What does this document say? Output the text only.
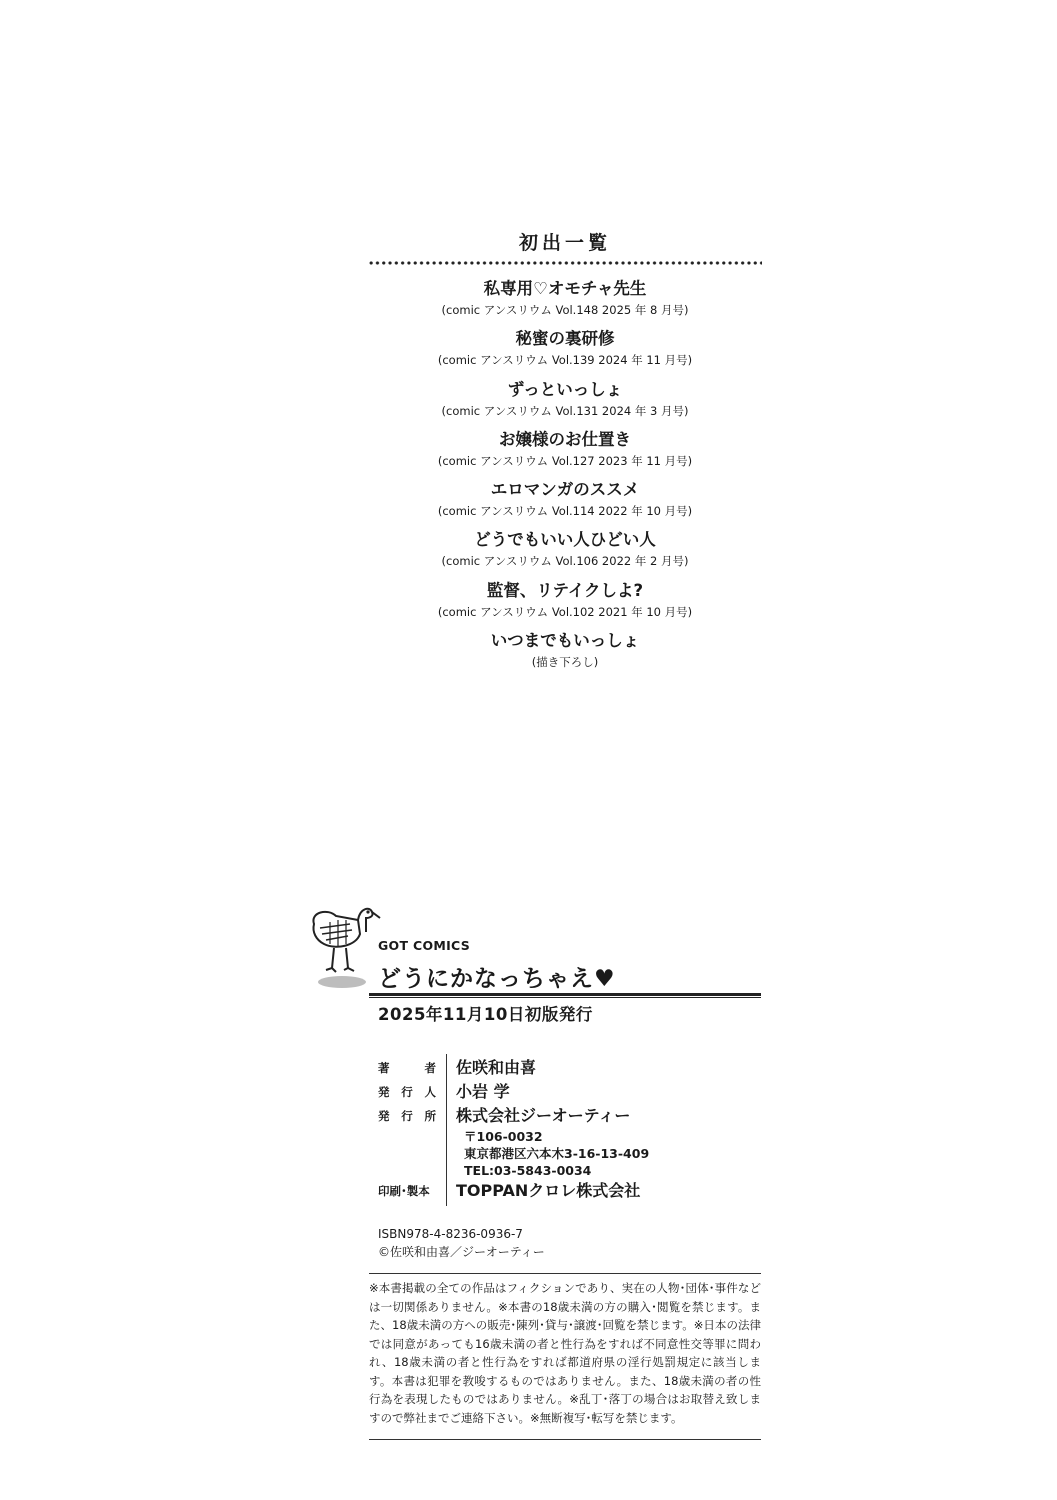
初出一覧
私専用♡オモチャ先生
(comic アンスリウム Vol.148 2025 年 8 月号)
秘蜜の裏研修
(comic アンスリウム Vol.139 2024 年 11 月号)
ずっといっしょ
(comic アンスリウム Vol.131 2024 年 3 月号)
お嬢様のお仕置き
(comic アンスリウム Vol.127 2023 年 11 月号)
エロマンガのススメ
(comic アンスリウム Vol.114 2022 年 10 月号)
どうでもいい人ひどい人
(comic アンスリウム Vol.106 2022 年 2 月号)
監督、リテイクしよ?
(comic アンスリウム Vol.102 2021 年 10 月号)
いつまでもいっしょ
(描き下ろし)
GOT COMICS
どうにかなっちゃえ♥
2025年11月10日初版発行
著	者 佐咲和由喜
発 行 人 小岩 学
発 行 所 株式会社ジーオーティー
〒106-0032
東京都港区六本木3-16-13-409
TEL:03-5843-0034
印刷･製本 TOPPANクロレ株式会社
ISBN978-4-8236-0936-7
©佐咲和由喜／ジーオーティー
※本書掲載の全ての作品はフィクションであり、実在の人物･団体･事件などは一切関係ありません。※本書の18歳未満の方の購入･閲覧を禁じます。また、18歳未満の方への販売･陳列･貸与･譲渡･回覧を禁じます。※日本の法律では同意があっても16歳未満の者と性行為をすれば不同意性交等罪に問われ、18歳未満の者と性行為をすれば都道府県の淫行処罰規定に該当します。本書は犯罪を教唆するものではありません。また、18歳未満の者の性行為を表現したものではありません。※乱丁･落丁の場合はお取替え致しますので弊社までご連絡下さい。※無断複写･転写を禁じます。
